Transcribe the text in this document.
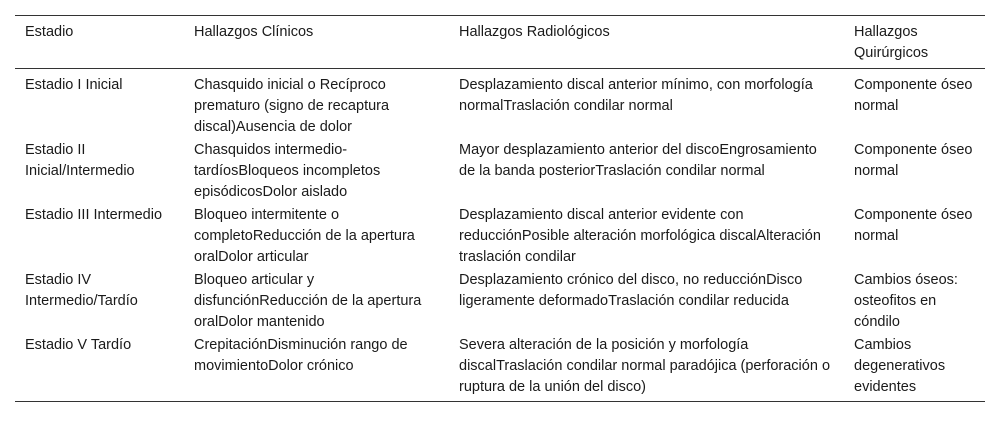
Estadio	Hallazgos Clínicos	Hallazgos Radiológicos	Hallazgos Quirúrgicos
Estadio I Inicial	Chasquido inicial o Recíproco prematuro (signo de recaptura discal)Ausencia de dolor	Desplazamiento discal anterior mínimo, con morfología normalTraslación condilar normal	Componente óseo normal
Estadio II Inicial/Intermedio	Chasquidos intermedio-tardíosBloqueos incompletos episódicosDolor aislado	Mayor desplazamiento anterior del discoEngrosamiento de la banda posteriorTraslación condilar normal	Componente óseo normal
Estadio III Intermedio	Bloqueo intermitente o completoReducción de la apertura oralDolor articular	Desplazamiento discal anterior evidente con reducciónPosible alteración morfológica discalAlteración traslación condilar	Componente óseo normal
Estadio IV Intermedio/Tardío	Bloqueo articular y disfunciónReducción de la apertura oralDolor mantenido	Desplazamiento crónico del disco, no reducciónDisco ligeramente deformadoTraslación condilar reducida	Cambios óseos: osteofitos en cóndilo
Estadio V Tardío	CrepitaciónDisminución rango de movimientoDolor crónico	Severa alteración de la posición y morfología discalTraslación condilar normal paradójica (perforación o ruptura de la unión del disco)	Cambios degenerativos evidentes
